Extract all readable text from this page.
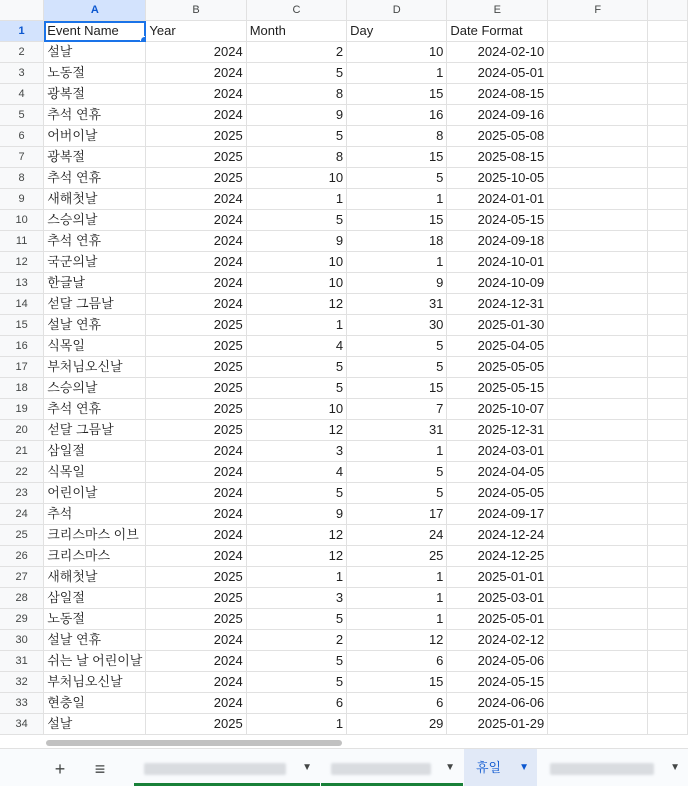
	A	B	C	D	E	F	
1	Event Name	Year	Month	Day	Date Format		
2	설날	2024	2	10	2024-02-10		
3	노동절	2024	5	1	2024-05-01		
4	광복절	2024	8	15	2024-08-15		
5	추석 연휴	2024	9	16	2024-09-16		
6	어버이날	2025	5	8	2025-05-08		
7	광복절	2025	8	15	2025-08-15		
8	추석 연휴	2025	10	5	2025-10-05		
9	새해첫날	2024	1	1	2024-01-01		
10	스승의날	2024	5	15	2024-05-15		
11	추석 연휴	2024	9	18	2024-09-18		
12	국군의날	2024	10	1	2024-10-01		
13	한글날	2024	10	9	2024-10-09		
14	섣달 그믐날	2024	12	31	2024-12-31		
15	설날 연휴	2025	1	30	2025-01-30		
16	식목일	2025	4	5	2025-04-05		
17	부처님오신날	2025	5	5	2025-05-05		
18	스승의날	2025	5	15	2025-05-15		
19	추석 연휴	2025	10	7	2025-10-07		
20	섣달 그믐날	2025	12	31	2025-12-31		
21	삼일절	2024	3	1	2024-03-01		
22	식목일	2024	4	5	2024-04-05		
23	어린이날	2024	5	5	2024-05-05		
24	추석	2024	9	17	2024-09-17		
25	크리스마스 이브	2024	12	24	2024-12-24		
26	크리스마스	2024	12	25	2024-12-25		
27	새해첫날	2025	1	1	2025-01-01		
28	삼일절	2025	3	1	2025-03-01		
29	노동절	2025	5	1	2025-05-01		
30	설날 연휴	2024	2	12	2024-02-12		
31	쉬는 날 어린이날	2024	5	6	2024-05-06		
32	부처님오신날	2024	5	15	2024-05-15		
33	현충일	2024	6	6	2024-06-06		
34	설날	2025	1	29	2025-01-29		
+	≡	▼	▼	휴일 ▼	▼
